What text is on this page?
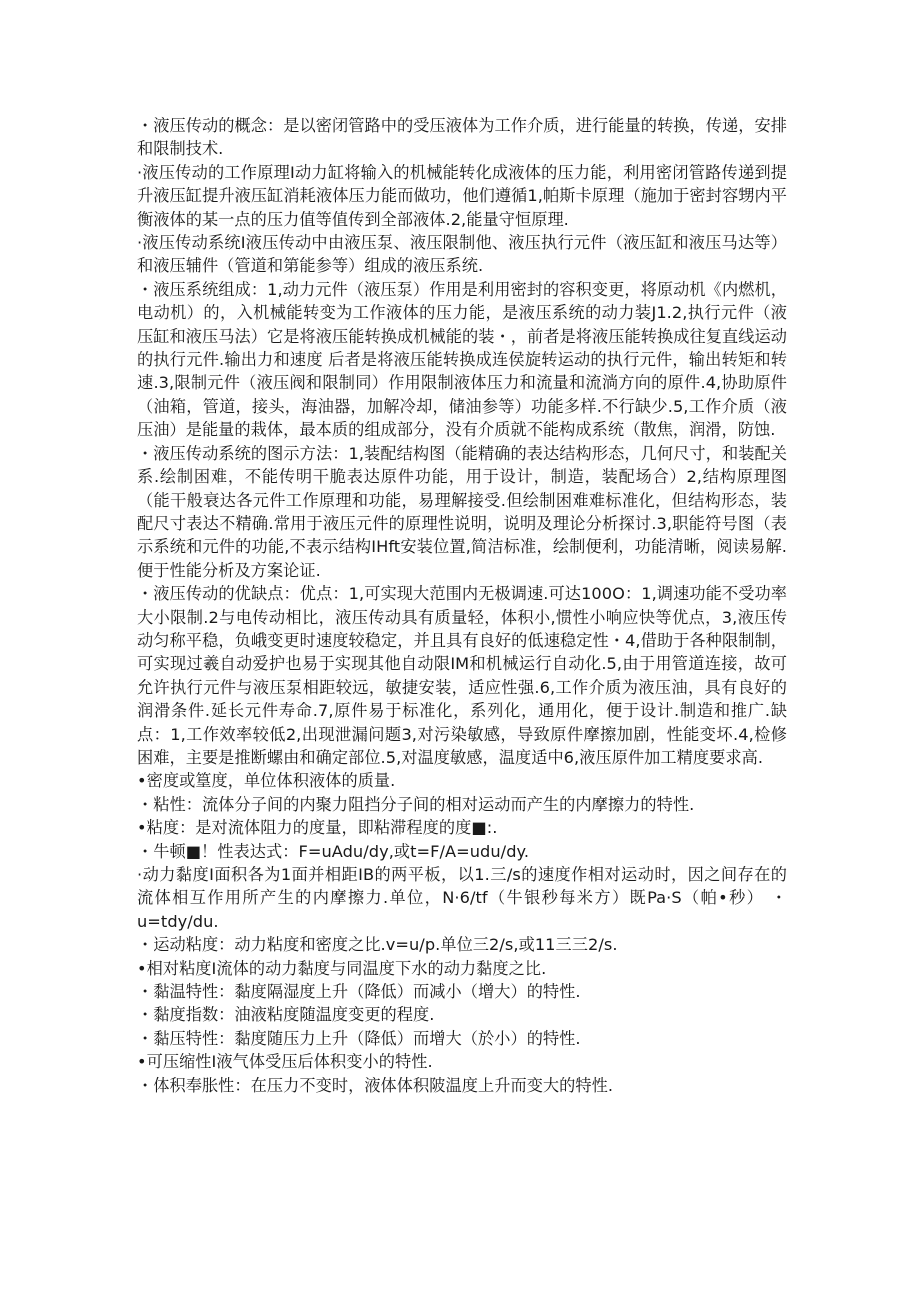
・液压传动的概念：是以密闭管路中的受压液体为工作介质，进行能量的转换，传递，安排和限制技术.

·液压传动的工作原理I动力缸将输入的机械能转化成液体的压力能，利用密闭管路传递到提升液压缸提升液压缸消耗液体压力能而做功，他们遵循1,帕斯卡原理（施加于密封容甥内平衡液体的某一点的压力值等值传到全部液体.2,能量守恒原理.

·液压传动系统I液压传动中由液压泵、液压限制他、液压执行元件（液压缸和液压马达等）和液压辅件（管道和第能参等）组成的液压系统.

・液压系统组成：1,动力元件（液压泵）作用是利用密封的容积变更，将原动机《内燃机，电动机）的，入机械能转变为工作液体的压力能，是液压系统的动力装J1.2,执行元件（液压缸和液压马法）它是将液压能转换成机械能的装・，前者是将液压能转换成往复直线运动的执行元件.输出力和速度 后者是将液压能转换成连侯旋转运动的执行元件，输出转矩和转速.3,限制元件（液压阀和限制同）作用限制液体压力和流量和流淌方向的原件.4,协助原件（油箱，管道，接头，海油器，加解冷却，储油参等）功能多样.不行缺少.5,工作介质（液压油）是能量的栽体，最本质的组成部分，没有介质就不能构成系统（散焦，润滑，防蚀.

・液压传动系统的图示方法：1,装配结构图（能精确的表达结构形态，几何尺寸，和装配关系.绘制困难，不能传明干脆表达原件功能，用于设计，制造，装配场合）2,结构原理图（能干般衰达各元件工作原理和功能，易理解接受.但绘制困难难标准化，但结构形态，装配尺寸表达不精确.常用于液压元件的原理性说明，说明及理论分析探讨.3,职能符号图（表示系统和元件的功能,不表示结构IHft安装位置,简洁标准，绘制便利，功能清晰，阅读易解.便于性能分析及方案论证.

・液压传动的优缺点：优点：1,可实现大范围内无极调速.可达100O：1,调速功能不受功率大小限制.2与电传动相比，液压传动具有质量轻，体积小,惯性小响应快等优点，3,液压传动匀称平稳，负峨变更时速度较稳定，并且具有良好的低速稳定性・4,借助于各种限制制，可实现过羲自动爱护也易于实现其他自动限IM和机械运行自动化.5,由于用管道连接，故可允许执行元件与液压泵相距较远，敏捷安装，适应性强.6,工作介质为液压油，具有良好的润滑条件.延长元件寿命.7,原件易于标准化，系列化，通用化，便于设计.制造和推广.缺点：1,工作效率较低2,出现泄漏问题3,对污染敏感，导致原件摩擦加剧，性能变坏.4,检修困难，主要是推断螺由和确定部位.5,对温度敏感，温度适中6,液压原件加工精度要求高.

•密度或篁度，单位体积液体的质量.

・粘性：流体分子间的内聚力阻挡分子间的相对运动而产生的内摩擦力的特性.

•粘度：是对流体阻力的度量，即粘滞程度的度■:.

・牛顿■！性表达式：F=uAdu/dy,或t=F/A=udu/dy.

·动力黏度I面积各为1面并相距IB的两平板，以1.三/s的速度作相对运动时，因之间存在的流体相互作用所产生的内摩擦力.单位，N·6/tf（牛银秒每米方）既Pa·S（帕•秒） ・u=tdy/du.

・运动粘度：动力粘度和密度之比.v=u/p.单位三2/s,或11三三2/s.

•相对粘度I流体的动力黏度与同温度下水的动力黏度之比.

・黏温特性：黏度隔湿度上升（降低）而减小（增大）的特性.

・黏度指数：油液粘度随温度变更的程度.

・黏压特性：黏度随压力上升（降低）而增大（於小）的特性.

•可压缩性I液气体受压后体积变小的特性.

・体积奉胀性：在压力不变时，液体体积陂温度上升而变大的特性.
